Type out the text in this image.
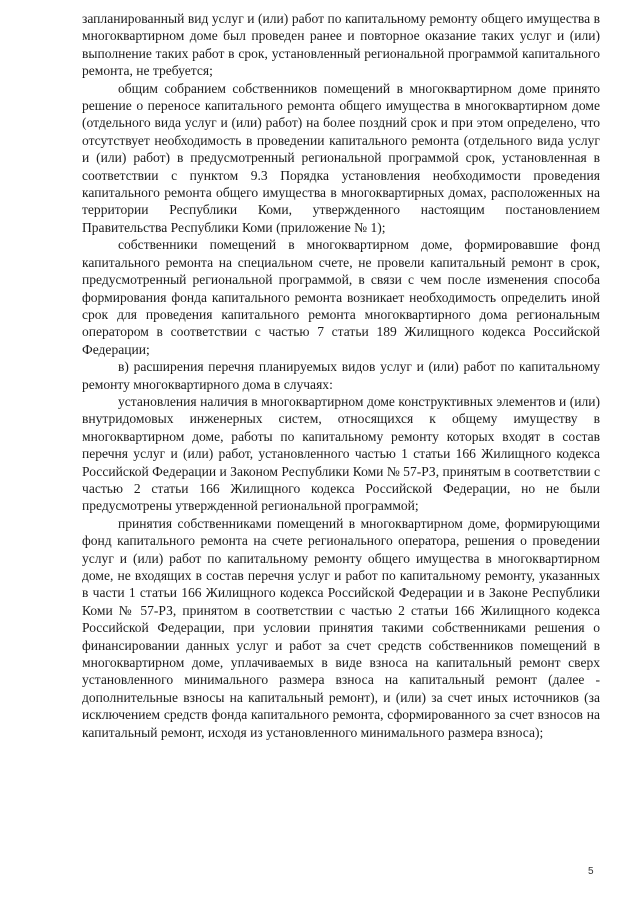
запланированный вид услуг и (или) работ по капитальному ремонту общего имущества в многоквартирном доме был проведен ранее и повторное оказание таких услуг и (или) выполнение таких работ в срок, установленный региональной программой капитального ремонта, не требуется;

общим собранием собственников помещений в многоквартирном доме принято решение о переносе капитального ремонта общего имущества в многоквартирном доме (отдельного вида услуг и (или) работ) на более поздний срок и при этом определено, что отсутствует необходимость в проведении капитального ремонта (отдельного вида услуг и (или) работ) в предусмотренный региональной программой срок, установленная в соответствии с пунктом 9.3 Порядка установления необходимости проведения капитального ремонта общего имущества в многоквартирных домах, расположенных на территории Республики Коми, утвержденного настоящим постановлением Правительства Республики Коми (приложение № 1);

собственники помещений в многоквартирном доме, формировавшие фонд капитального ремонта на специальном счете, не провели капитальный ремонт в срок, предусмотренный региональной программой, в связи с чем после изменения способа формирования фонда капитального ремонта возникает необходимость определить иной срок для проведения капитального ремонта многоквартирного дома региональным оператором в соответствии с частью 7 статьи 189 Жилищного кодекса Российской Федерации;

в) расширения перечня планируемых видов услуг и (или) работ по капитальному ремонту многоквартирного дома в случаях:

установления наличия в многоквартирном доме конструктивных элементов и (или) внутридомовых инженерных систем, относящихся к общему имуществу в многоквартирном доме, работы по капитальному ремонту которых входят в состав перечня услуг и (или) работ, установленного частью 1 статьи 166 Жилищного кодекса Российской Федерации и Законом Республики Коми № 57-РЗ, принятым в соответствии с частью 2 статьи 166 Жилищного кодекса Российской Федерации, но не были предусмотрены утвержденной региональной программой;

принятия собственниками помещений в многоквартирном доме, формирующими фонд капитального ремонта на счете регионального оператора, решения о проведении услуг и (или) работ по капитальному ремонту общего имущества в многоквартирном доме, не входящих в состав перечня услуг и работ по капитальному ремонту, указанных в части 1 статьи 166 Жилищного кодекса Российской Федерации и в Законе Республики Коми № 57-РЗ, принятом в соответствии с частью 2 статьи 166 Жилищного кодекса Российской Федерации, при условии принятия такими собственниками решения о финансировании данных услуг и работ за счет средств собственников помещений в многоквартирном доме, уплачиваемых в виде взноса на капитальный ремонт сверх установленного минимального размера взноса на капитальный ремонт (далее - дополнительные взносы на капитальный ремонт), и (или) за счет иных источников (за исключением средств фонда капитального ремонта, сформированного за счет взносов на капитальный ремонт, исходя из установленного минимального размера взноса);

5
